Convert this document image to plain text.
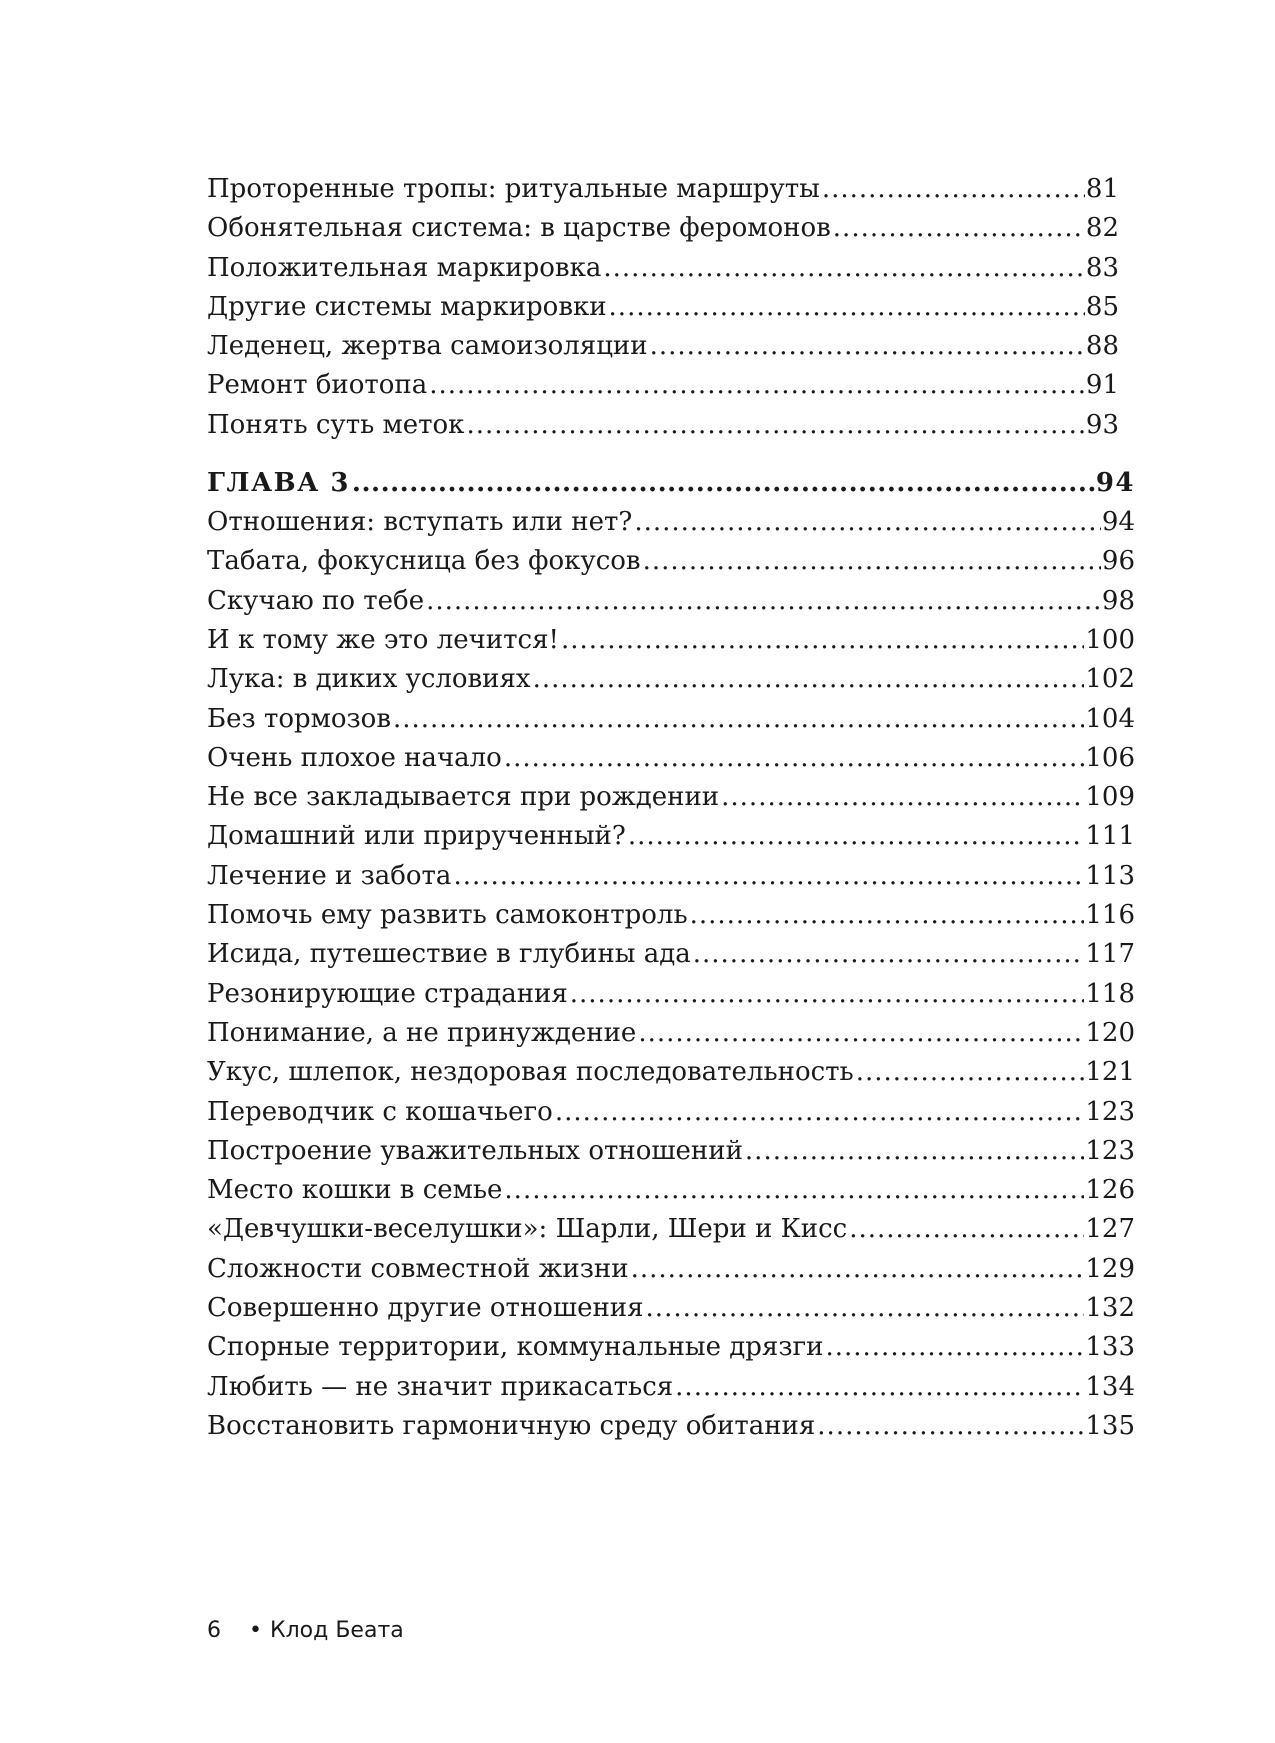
Проторенные тропы: ритуальные маршруты .....	81
Обонятельная система: в царстве феромонов .....	82
Положительная маркировка .....	83
Другие системы маркировки .....	85
Леденец, жертва самоизоляции .....	88
Ремонт биотопа .....	91
Понять суть меток .....	93
ГЛАВА 3 .....	94
Отношения: вступать или нет? .....	94
Табата, фокусница без фокусов .....	96
Скучаю по тебе .....	98
И к тому же это лечится! .....	100
Лука: в диких условиях .....	102
Без тормозов .....	104
Очень плохое начало .....	106
Не все закладывается при рождении .....	109
Домашний или прирученный? .....	111
Лечение и забота .....	113
Помочь ему развить самоконтроль .....	116
Исида, путешествие в глубины ада .....	117
Резонирующие страдания .....	118
Понимание, а не принуждение .....	120
Укус, шлепок, нездоровая последовательность .....	121
Переводчик с кошачьего .....	123
Построение уважительных отношений .....	123
Место кошки в семье .....	126
«Девчушки-веселушки»: Шарли, Шери и Кисс .....	127
Сложности совместной жизни .....	129
Совершенно другие отношения .....	132
Спорные территории, коммунальные дрязги .....	133
Любить — не значит прикасаться .....	134
Восстановить гармоничную среду обитания .....	135
6 • Клод Беата
